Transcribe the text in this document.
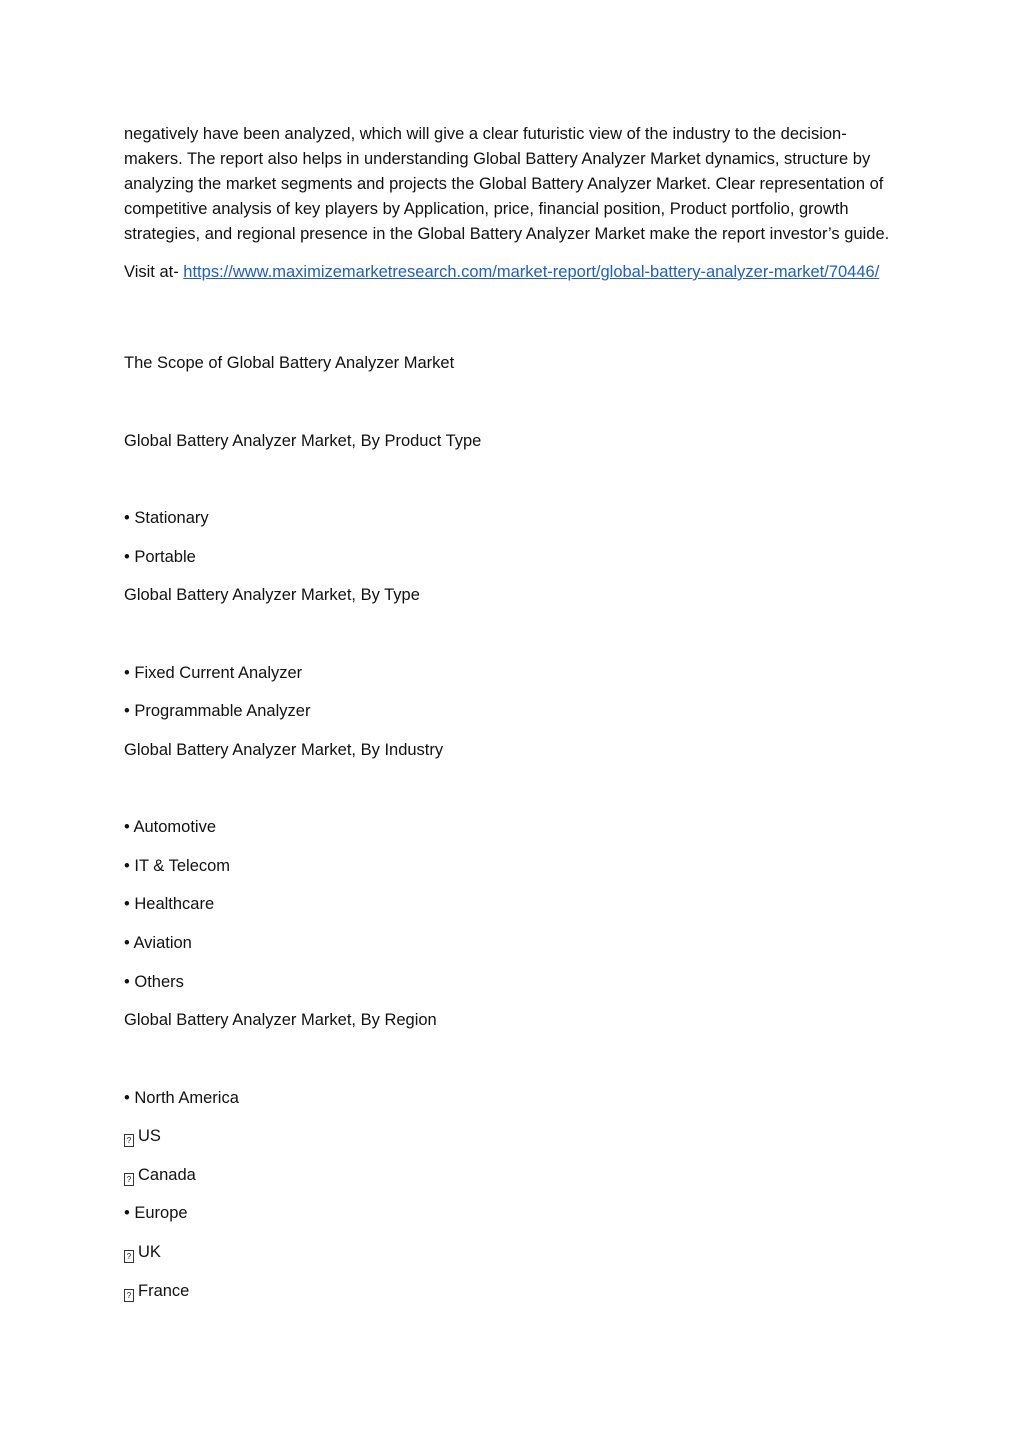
negatively have been analyzed, which will give a clear futuristic view of the industry to the decision-makers. The report also helps in understanding Global Battery Analyzer Market dynamics, structure by analyzing the market segments and projects the Global Battery Analyzer Market. Clear representation of competitive analysis of key players by Application, price, financial position, Product portfolio, growth strategies, and regional presence in the Global Battery Analyzer Market make the report investor’s guide.

Visit at- https://www.maximizemarketresearch.com/market-report/global-battery-analyzer-market/70446/

The Scope of Global Battery Analyzer Market
Global Battery Analyzer Market, By Product Type
• Stationary
• Portable
Global Battery Analyzer Market, By Type
• Fixed Current Analyzer
• Programmable Analyzer
Global Battery Analyzer Market, By Industry
• Automotive
• IT & Telecom
• Healthcare
• Aviation
• Others
Global Battery Analyzer Market, By Region
• North America
? US
? Canada
• Europe
? UK
? France
